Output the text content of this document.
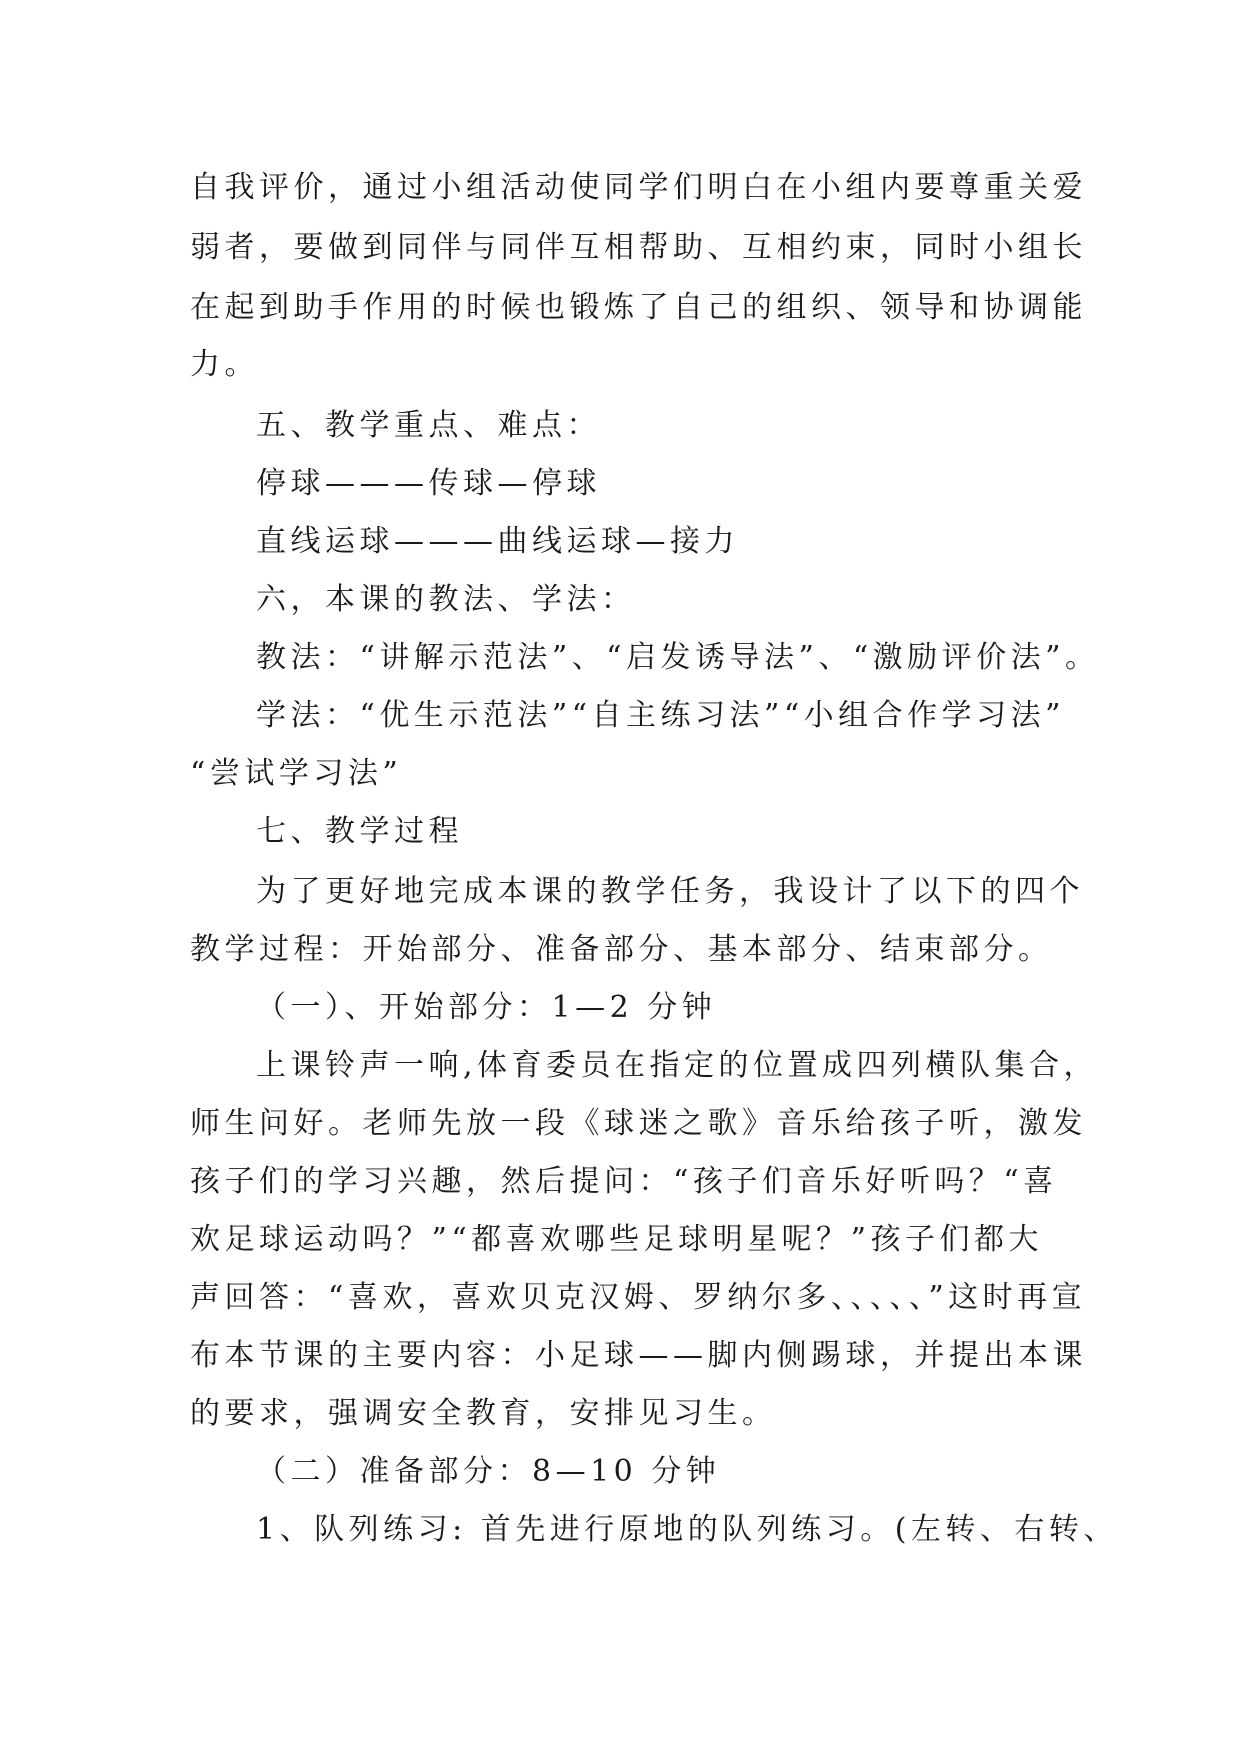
自我评价，通过小组活动使同学们明白在小组内要尊重关爱
弱者，要做到同伴与同伴互相帮助、互相约束，同时小组长
在起到助手作用的时候也锻炼了自己的组织、领导和协调能
力。
五、教学重点、难点：
停球———传球—停球
直线运球———曲线运球—接力
六，本课的教法、学法：
教法：“讲解示范法”、“启发诱导法”、“激励评价法”。
学法：“优生示范法”“自主练习法”“小组合作学习法”
“尝试学习法”
七、教学过程
为了更好地完成本课的教学任务，我设计了以下的四个
教学过程：开始部分、准备部分、基本部分、结束部分。
（一）、开始部分：1—2 分钟
上课铃声一响,体育委员在指定的位置成四列横队集合，
师生问好。老师先放一段《球迷之歌》音乐给孩子听，激发
孩子们的学习兴趣，然后提问：“孩子们音乐好听吗？“喜
欢足球运动吗？”“都喜欢哪些足球明星呢？”孩子们都大
声回答：“喜欢，喜欢贝克汉姆、罗纳尔多、、、、、”这时再宣
布本节课的主要内容：小足球——脚内侧踢球，并提出本课
的要求，强调安全教育，安排见习生。
（二）准备部分：8—10 分钟
1、队列练习: 首先进行原地的队列练习。(左转、右转、
